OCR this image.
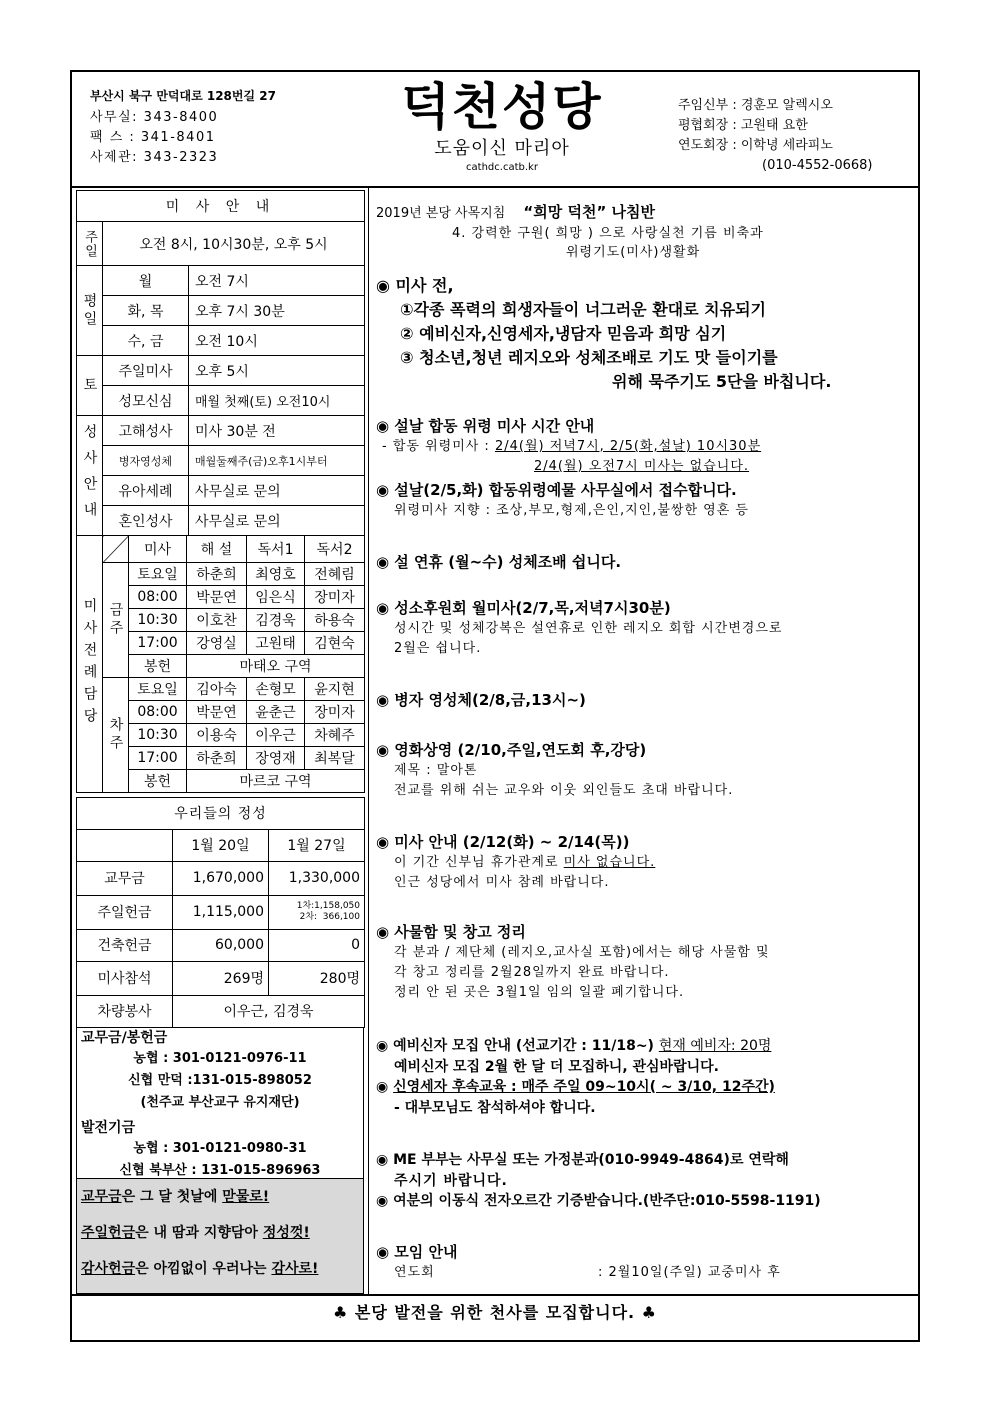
부산시 북구 만덕대로 128번길 27
사무실: 343-8400
팩 스 : 341-8401
사제관: 343-2323
덕천성당
도움이신 마리아
cathdc.catb.kr
주임신부 : 경훈모 알렉시오
평협회장 : 고원태 요한
연도회장 : 이학녕 세라피노
(010-4552-0668)
미 사 안 내		
주일	오전 8시, 10시30분, 오후 5시	
평일	월	오전 7시
	화, 목	오후 7시 30분
	수, 금	오전 10시
토	주일미사	오후 5시
	성모신심	매월 첫째(토) 오전10시
성사안내	고해성사	미사 30분 전
	병자영성체	매월둘째주(금)오후1시부터
	유아세례	사무실로 문의
	혼인성사	사무실로 문의
미사전례담당		미사	해 설	독서1	독서2
	금주	토요일	하춘희	최영호	전혜림
		08:00	박문연	임은식	장미자
		10:30	이호찬	김경욱	하용숙
		17:00	강영실	고원태	김현숙
		봉헌	마태오 구역		
	차주	토요일	김아숙	손형모	윤지현
		08:00	박문연	윤춘근	장미자
		10:30	이용숙	이우근	차혜주
		17:00	하춘희	장영재	최복달
		봉헌	마르코 구역		
우리들의 정성		
	1월 20일	1월 27일
교무금	1,670,000	1,330,000
주일헌금	1,115,000	1차:1,158,050
2차:  366,100

건축헌금	60,000	0
미사참석	269명	280명
차량봉사	이우근, 김경욱	
교무금/봉헌금
농협 : 301-0121-0976-11
신협 만덕 :131-015-898052
(천주교 부산교구 유지재단)
발전기금
농협 : 301-0121-0980-31
신협 북부산 : 131-015-896963

교무금은 그 달 첫날에 맏물로!

주일헌금은 내 땀과 지향담아 정성껏!

감사헌금은 아낌없이 우러나는 감사로!

2019년 본당 사목지침 “희망 덕천” 나침반
4. 강력한 구원( 희망 ) 으로 사랑실천 기름 비축과
위령기도(미사)생활화
◉ 미사 전,
①각종 폭력의 희생자들이 너그러운 환대로 치유되기
② 예비신자,신영세자,냉담자 믿음과 희망 심기
③ 청소년,청년 레지오와 성체조배로 기도 맛 들이기를
위해 묵주기도 5단을 바칩니다.
◉ 설날 합동 위령 미사 시간 안내
- 합동 위령미사 : 2/4(월) 저녁7시, 2/5(화,설날) 10시30분
2/4(월) 오전7시 미사는 없습니다.
◉ 설날(2/5,화) 합동위령예물 사무실에서 접수합니다.
위령미사 지향 : 조상,부모,형제,은인,지인,불쌍한 영혼 등
◉ 설 연휴 (월~수) 성체조배 쉽니다.
◉ 성소후원회 월미사(2/7,목,저녁7시30분)
성시간 및 성체강복은 설연휴로 인한 레지오 회합 시간변경으로
2월은 쉽니다.
◉ 병자 영성체(2/8,금,13시~)
◉ 영화상영 (2/10,주일,연도회 후,강당)
제목 : 말아톤
전교를 위해 쉬는 교우와 이웃 외인들도 초대 바랍니다.
◉ 미사 안내 (2/12(화) ~ 2/14(목))
이 기간 신부님 휴가관계로 미사 없습니다.
인근 성당에서 미사 참례 바랍니다.
◉ 사물함 및 창고 정리
각 분과 / 제단체 (레지오,교사실 포함)에서는 해당 사물함 및
각 창고 정리를 2월28일까지 완료 바랍니다.
정리 안 된 곳은 3월1일 임의 일괄 폐기합니다.
◉ 예비신자 모집 안내 (선교기간 : 11/18~) 현재 예비자: 20명
예비신자 모집 2월 한 달 더 모집하니, 관심바랍니다.
◉ 신영세자 후속교육 : 매주 주일 09~10시( ~ 3/10, 12주간)
- 대부모님도 참석하셔야 합니다.
◉ ME 부부는 사무실 또는 가정분과(010-9949-4864)로 연락해
주시기 바랍니다.
◉ 여분의 이동식 전자오르간 기증받습니다.(반주단:010-5598-1191)
◉ 모임 안내
연도회	: 2월10일(주일) 교중미사 후
♣ 본당 발전을 위한 천사를 모집합니다. ♣
